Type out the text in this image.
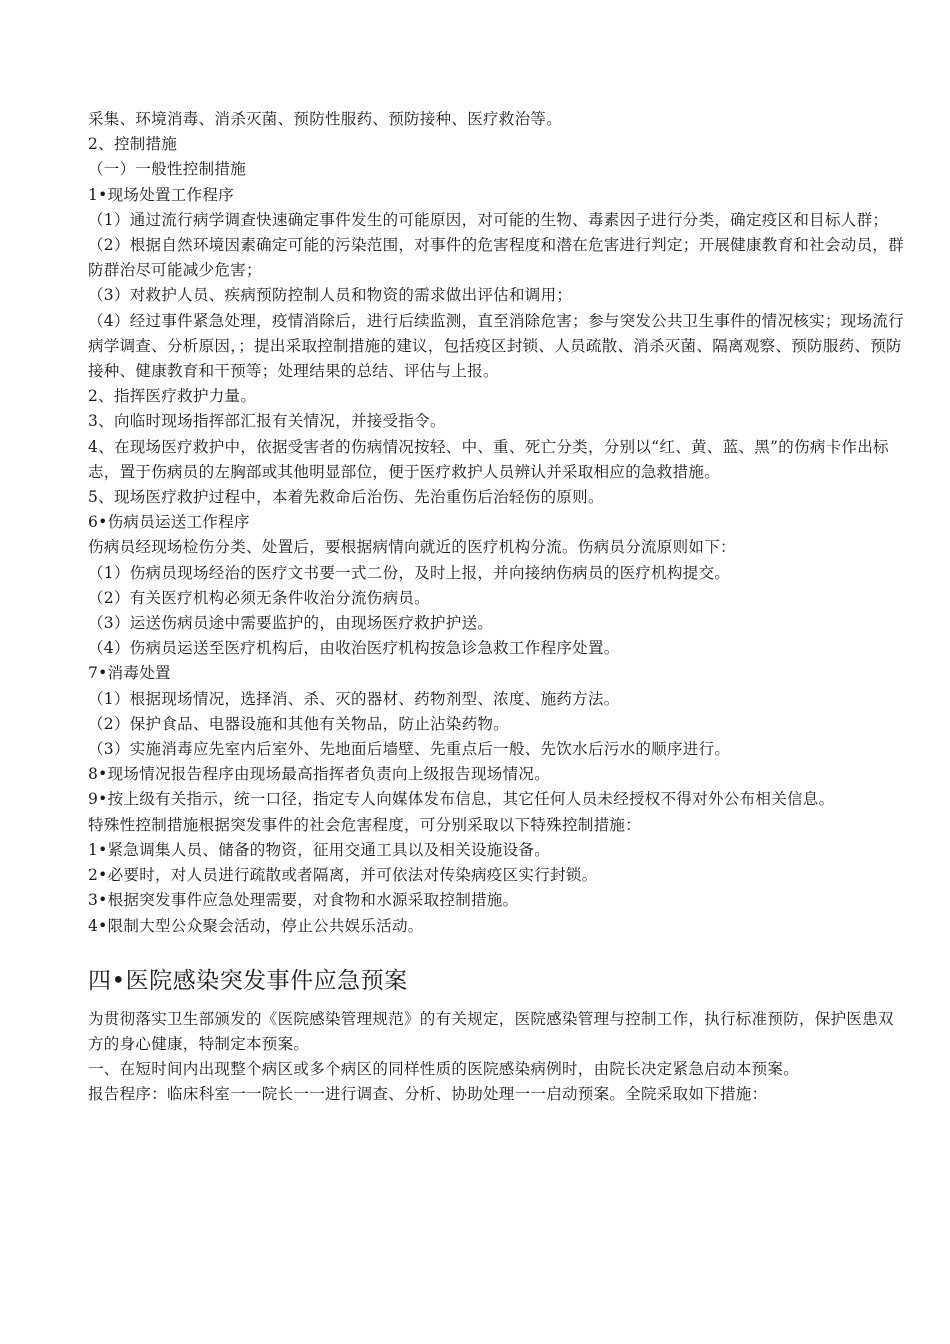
采集、环境消毒、消杀灭菌、预防性服药、预防接种、医疗救治等。

2、控制措施

（一）一般性控制措施

1•现场处置工作程序

（1）通过流行病学调查快速确定事件发生的可能原因，对可能的生物、毒素因子进行分类，确定疫区和目标人群；

（2）根据自然环境因素确定可能的污染范围，对事件的危害程度和潜在危害进行判定；开展健康教育和社会动员，群防群治尽可能减少危害；

（3）对救护人员、疾病预防控制人员和物资的需求做出评估和调用；

（4）经过事件紧急处理，疫情消除后，进行后续监测，直至消除危害；参与突发公共卫生事件的情况核实；现场流行病学调查、分析原因，；提出采取控制措施的建议，包括疫区封锁、人员疏散、消杀灭菌、隔离观察、预防服药、预防接种、健康教育和干预等；处理结果的总结、评估与上报。

2、指挥医疗救护力量。

3、向临时现场指挥部汇报有关情况，并接受指令。

4、在现场医疗救护中，依据受害者的伤病情况按轻、中、重、死亡分类，分别以“红、黄、蓝、黑”的伤病卡作出标志，置于伤病员的左胸部或其他明显部位，便于医疗救护人员辨认并采取相应的急救措施。

5、现场医疗救护过程中，本着先救命后治伤、先治重伤后治轻伤的原则。

6•伤病员运送工作程序

伤病员经现场检伤分类、处置后，要根据病情向就近的医疗机构分流。伤病员分流原则如下：

（1）伤病员现场经治的医疗文书要一式二份，及时上报，并向接纳伤病员的医疗机构提交。

（2）有关医疗机构必须无条件收治分流伤病员。

（3）运送伤病员途中需要监护的，由现场医疗救护护送。

（4）伤病员运送至医疗机构后，由收治医疗机构按急诊急救工作程序处置。

7•消毒处置

（1）根据现场情况，选择消、杀、灭的器材、药物剂型、浓度、施药方法。

（2）保护食品、电器设施和其他有关物品，防止沾染药物。

（3）实施消毒应先室内后室外、先地面后墙壁、先重点后一般、先饮水后污水的顺序进行。

8•现场情况报告程序由现场最高指挥者负责向上级报告现场情况。

9•按上级有关指示，统一口径，指定专人向媒体发布信息，其它任何人员未经授权不得对外公布相关信息。

特殊性控制措施根据突发事件的社会危害程度，可分别采取以下特殊控制措施：

1•紧急调集人员、储备的物资，征用交通工具以及相关设施设备。

2•必要时，对人员进行疏散或者隔离，并可依法对传染病疫区实行封锁。

3•根据突发事件应急处理需要，对食物和水源采取控制措施。

4•限制大型公众聚会活动，停止公共娱乐活动。

四•医院感染突发事件应急预案

为贯彻落实卫生部颁发的《医院感染管理规范》的有关规定，医院感染管理与控制工作，执行标准预防，保护医患双方的身心健康，特制定本预案。

一、在短时间内出现整个病区或多个病区的同样性质的医院感染病例时，由院长决定紧急启动本预案。

报告程序：临床科室一一院长一一进行调查、分析、协助处理一一启动预案。全院采取如下措施：
